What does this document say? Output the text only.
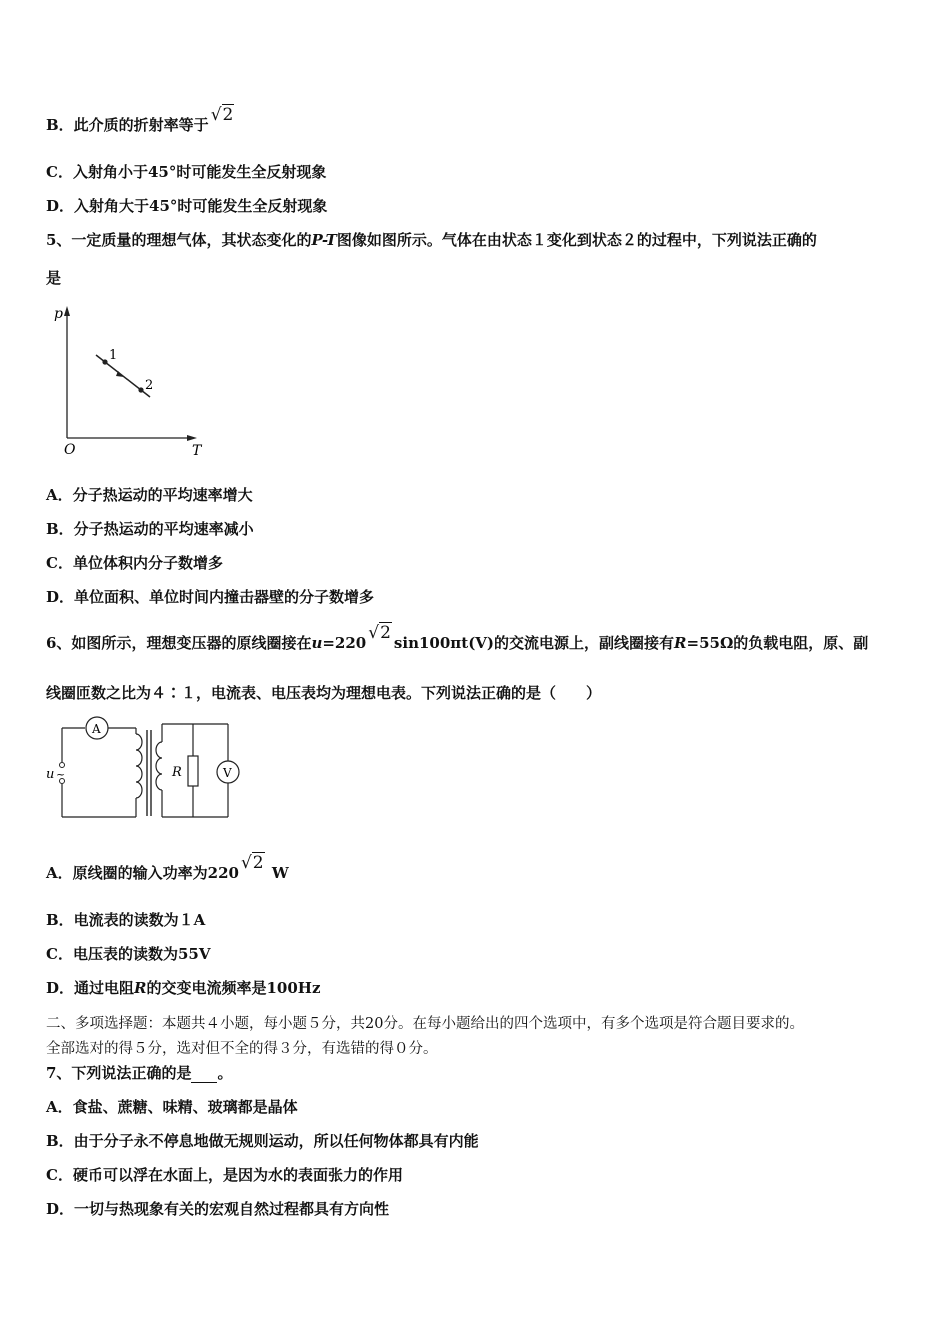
B．此介质的折射率等于 √2
C．入射角小于45°时可能发生全反射现象
D．入射角大于45°时可能发生全反射现象
5、一定质量的理想气体，其状态变化的P-T图像如图所示。气体在由状态１变化到状态２的过程中，下列说法正确的
是
p
T
O
1
2
A．分子热运动的平均速率增大
B．分子热运动的平均速率减小
C．单位体积内分子数增多
D．单位面积、单位时间内撞击器壁的分子数增多
6、如图所示，理想变压器的原线圈接在u=220 √2 sin100πt(V)的交流电源上，副线圈接有R=55Ω的负载电阻，原、副
线圈匝数之比为４∶１，电流表、电压表均为理想电表。下列说法正确的是（　　）
A
u ~	R	V
A．原线圈的输入功率为220 √2 W
B．电流表的读数为１A
C．电压表的读数为55V
D．通过电阻R的交变电流频率是100Hz
二、多项选择题：本题共４小题，每小题５分，共20分。在每小题给出的四个选项中，有多个选项是符合题目要求的。
全部选对的得５分，选对但不全的得３分，有选错的得０分。
7、下列说法正确的是 。
A．食盐、蔗糖、味精、玻璃都是晶体
B．由于分子永不停息地做无规则运动，所以任何物体都具有内能
C．硬币可以浮在水面上，是因为水的表面张力的作用
D．一切与热现象有关的宏观自然过程都具有方向性
